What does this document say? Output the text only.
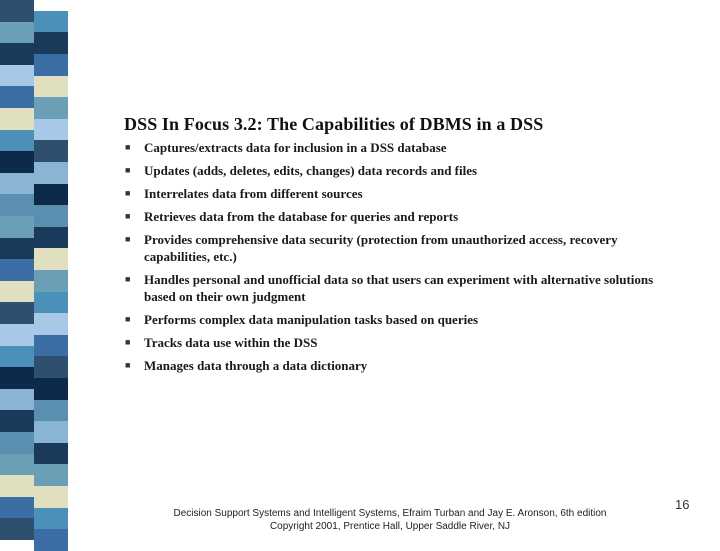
DSS In Focus 3.2: The Capabilities of DBMS in a DSS
■ Captures/extracts data for inclusion in a DSS database
■ Updates (adds, deletes, edits, changes) data records and files
■ Interrelates data from different sources
■ Retrieves data from the database for queries and reports
■ Provides comprehensive data security (protection from unauthorized access, recovery capabilities, etc.)
■ Handles personal and unofficial data so that users can experiment with alternative solutions based on their own judgment
■ Performs complex data manipulation tasks based on queries
■ Tracks data use within the DSS
■ Manages data through a data dictionary
Decision Support Systems and Intelligent Systems, Efraim Turban and Jay E. Aronson, 6th edition
Copyright 2001, Prentice Hall, Upper Saddle River, NJ
16
